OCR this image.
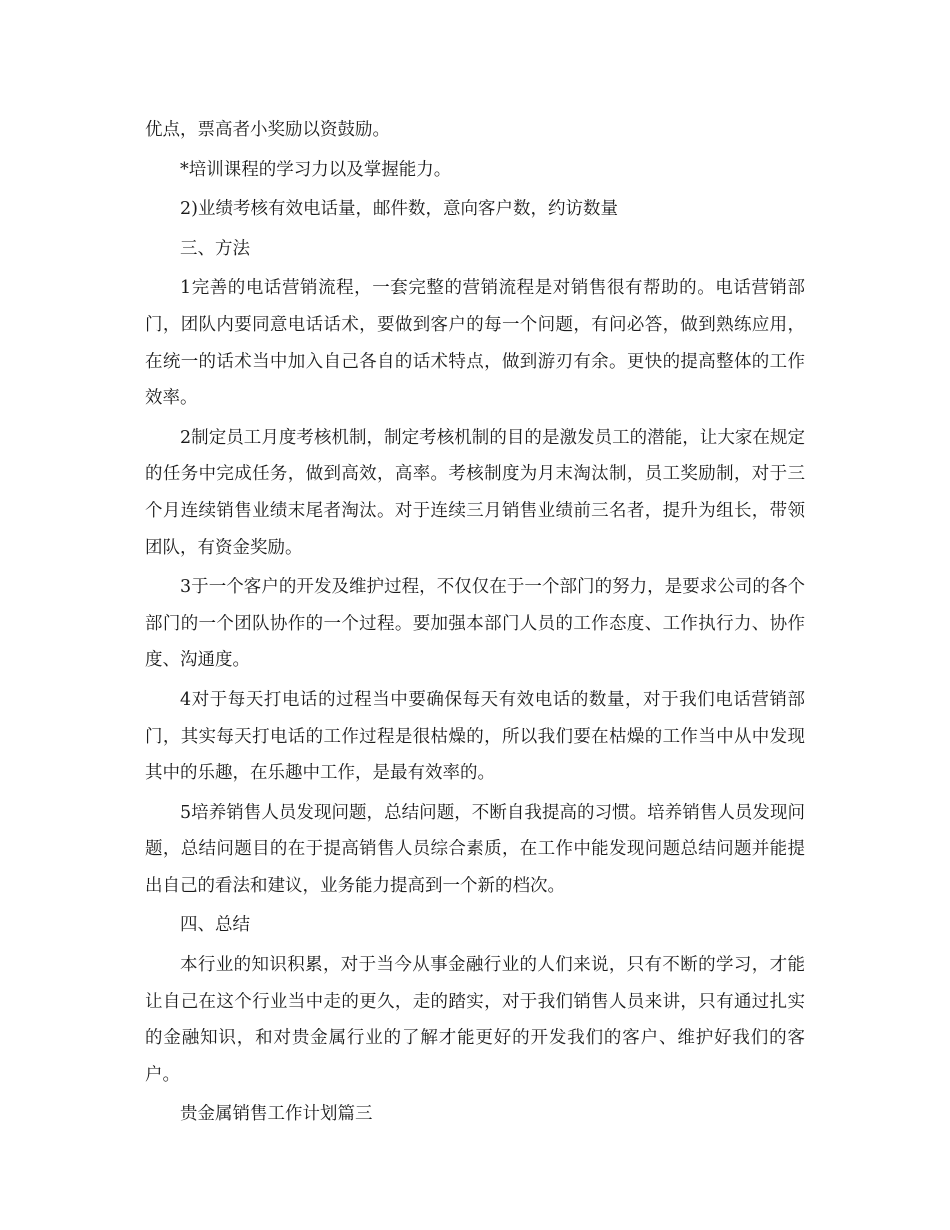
优点，票高者小奖励以资鼓励。

*培训课程的学习力以及掌握能力。

2)业绩考核有效电话量，邮件数，意向客户数，约访数量

三、方法

1完善的电话营销流程，一套完整的营销流程是对销售很有帮助的。电话营销部门，团队内要同意电话话术，要做到客户的每一个问题，有问必答，做到熟练应用，在统一的话术当中加入自己各自的话术特点，做到游刃有余。更快的提高整体的工作效率。

2制定员工月度考核机制，制定考核机制的目的是激发员工的潜能，让大家在规定的任务中完成任务，做到高效，高率。考核制度为月末淘汰制，员工奖励制，对于三个月连续销售业绩末尾者淘汰。对于连续三月销售业绩前三名者，提升为组长，带领团队，有资金奖励。

3于一个客户的开发及维护过程，不仅仅在于一个部门的努力，是要求公司的各个部门的一个团队协作的一个过程。要加强本部门人员的工作态度、工作执行力、协作度、沟通度。

4对于每天打电话的过程当中要确保每天有效电话的数量，对于我们电话营销部门，其实每天打电话的工作过程是很枯燥的，所以我们要在枯燥的工作当中从中发现其中的乐趣，在乐趣中工作，是最有效率的。

5培养销售人员发现问题，总结问题，不断自我提高的习惯。培养销售人员发现问题，总结问题目的在于提高销售人员综合素质，在工作中能发现问题总结问题并能提出自己的看法和建议，业务能力提高到一个新的档次。

四、总结

本行业的知识积累，对于当今从事金融行业的人们来说，只有不断的学习，才能让自己在这个行业当中走的更久，走的踏实，对于我们销售人员来讲，只有通过扎实的金融知识，和对贵金属行业的了解才能更好的开发我们的客户、维护好我们的客户。

贵金属销售工作计划篇三
